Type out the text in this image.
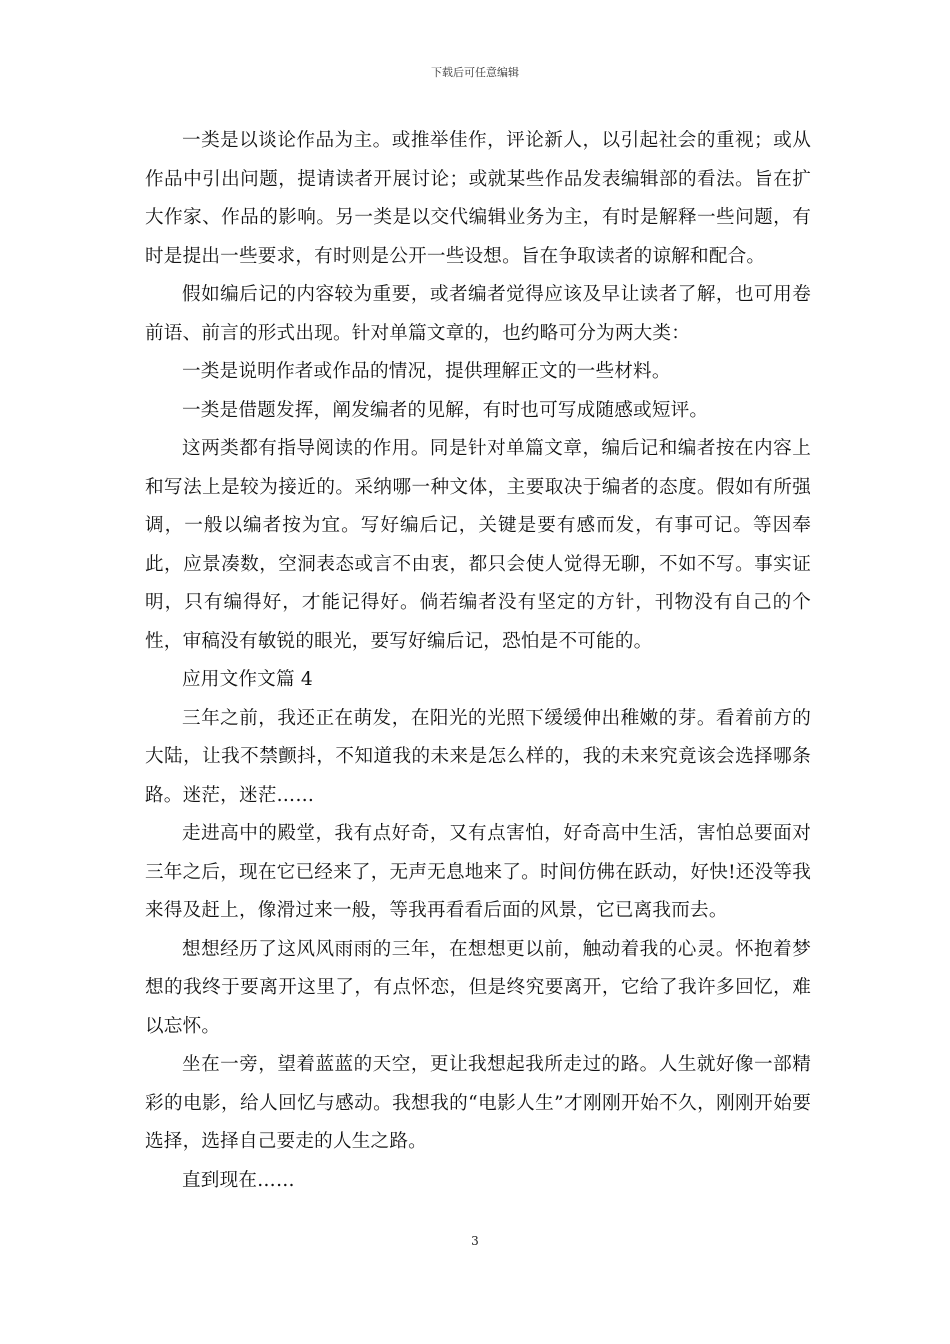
下载后可任意编辑

一类是以谈论作品为主。或推举佳作，评论新人，以引起社会的重视；或从作品中引出问题，提请读者开展讨论；或就某些作品发表编辑部的看法。旨在扩大作家、作品的影响。另一类是以交代编辑业务为主，有时是解释一些问题，有时是提出一些要求，有时则是公开一些设想。旨在争取读者的谅解和配合。

假如编后记的内容较为重要，或者编者觉得应该及早让读者了解，也可用卷前语、前言的形式出现。针对单篇文章的，也约略可分为两大类：

一类是说明作者或作品的情况，提供理解正文的一些材料。

一类是借题发挥，阐发编者的见解，有时也可写成随感或短评。

这两类都有指导阅读的作用。同是针对单篇文章，编后记和编者按在内容上和写法上是较为接近的。采纳哪一种文体，主要取决于编者的态度。假如有所强调，一般以编者按为宜。写好编后记，关键是要有感而发，有事可记。等因奉此，应景凑数，空洞表态或言不由衷，都只会使人觉得无聊，不如不写。事实证明，只有编得好，才能记得好。倘若编者没有坚定的方针，刊物没有自己的个性，审稿没有敏锐的眼光，要写好编后记，恐怕是不可能的。

应用文作文篇 4

三年之前，我还正在萌发，在阳光的光照下缓缓伸出稚嫩的芽。看着前方的大陆，让我不禁颤抖，不知道我的未来是怎么样的，我的未来究竟该会选择哪条路。迷茫，迷茫……

走进高中的殿堂，我有点好奇，又有点害怕，好奇高中生活，害怕总要面对三年之后，现在它已经来了，无声无息地来了。时间仿佛在跃动，好快!还没等我来得及赶上，像滑过来一般，等我再看看后面的风景，它已离我而去。

想想经历了这风风雨雨的三年，在想想更以前，触动着我的心灵。怀抱着梦想的我终于要离开这里了，有点怀恋，但是终究要离开，它给了我许多回忆，难以忘怀。

坐在一旁，望着蓝蓝的天空，更让我想起我所走过的路。人生就好像一部精彩的电影，给人回忆与感动。我想我的“电影人生”才刚刚开始不久，刚刚开始要选择，选择自己要走的人生之路。

直到现在……

3
